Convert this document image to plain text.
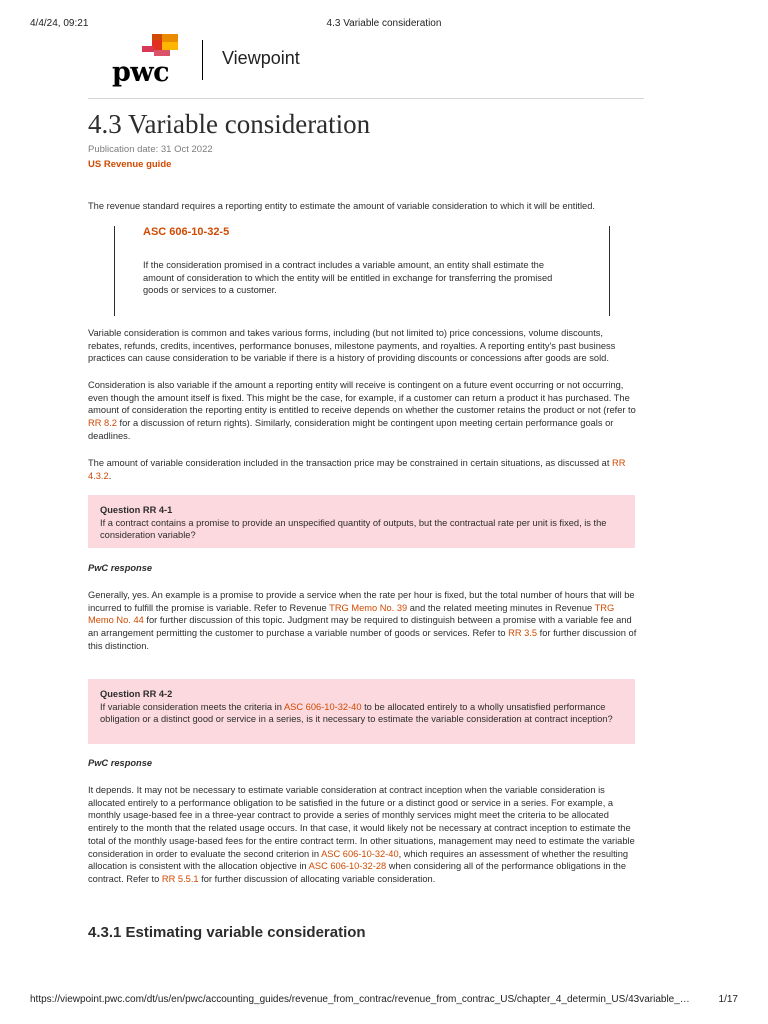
4/4/24, 09:21	4.3 Variable consideration
pwc	Viewpoint
4.3 Variable consideration
Publication date: 31 Oct 2022
US Revenue guide

The revenue standard requires a reporting entity to estimate the amount of variable consideration to which it will be entitled.

ASC 606-10-32-5
If the consideration promised in a contract includes a variable amount, an entity shall estimate the amount of consideration to which the entity will be entitled in exchange for transferring the promised goods or services to a customer.

Variable consideration is common and takes various forms, including (but not limited to) price concessions, volume discounts, rebates, refunds, credits, incentives, performance bonuses, milestone payments, and royalties. A reporting entity's past business practices can cause consideration to be variable if there is a history of providing discounts or concessions after goods are sold.

Consideration is also variable if the amount a reporting entity will receive is contingent on a future event occurring or not occurring, even though the amount itself is fixed. This might be the case, for example, if a customer can return a product it has purchased. The amount of consideration the reporting entity is entitled to receive depends on whether the customer retains the product or not (refer to RR 8.2 for a discussion of return rights). Similarly, consideration might be contingent upon meeting certain performance goals or deadlines.

The amount of variable consideration included in the transaction price may be constrained in certain situations, as discussed at RR 4.3.2.

Question RR 4-1
If a contract contains a promise to provide an unspecified quantity of outputs, but the contractual rate per unit is fixed, is the consideration variable?
PwC response

Generally, yes. An example is a promise to provide a service when the rate per hour is fixed, but the total number of hours that will be incurred to fulfill the promise is variable. Refer to Revenue TRG Memo No. 39 and the related meeting minutes in Revenue TRG Memo No. 44 for further discussion of this topic. Judgment may be required to distinguish between a promise with a variable fee and an arrangement permitting the customer to purchase a variable number of goods or services. Refer to RR 3.5 for further discussion of this distinction.

Question RR 4-2
If variable consideration meets the criteria in ASC 606-10-32-40 to be allocated entirely to a wholly unsatisfied performance obligation or a distinct good or service in a series, is it necessary to estimate the variable consideration at contract inception?
PwC response

It depends. It may not be necessary to estimate variable consideration at contract inception when the variable consideration is allocated entirely to a performance obligation to be satisfied in the future or a distinct good or service in a series. For example, a monthly usage-based fee in a three-year contract to provide a series of monthly services might meet the criteria to be allocated entirely to the month that the related usage occurs. In that case, it would likely not be necessary at contract inception to estimate the total of the monthly usage-based fees for the entire contract term. In other situations, management may need to estimate the variable consideration in order to evaluate the second criterion in ASC 606-10-32-40, which requires an assessment of whether the resulting allocation is consistent with the allocation objective in ASC 606-10-32-28 when considering all of the performance obligations in the contract. Refer to RR 5.5.1 for further discussion of allocating variable consideration.

4.3.1 Estimating variable consideration
https://viewpoint.pwc.com/dt/us/en/pwc/accounting_guides/revenue_from_contrac/revenue_from_contrac_US/chapter_4_determin_US/43variable_…	1/17
